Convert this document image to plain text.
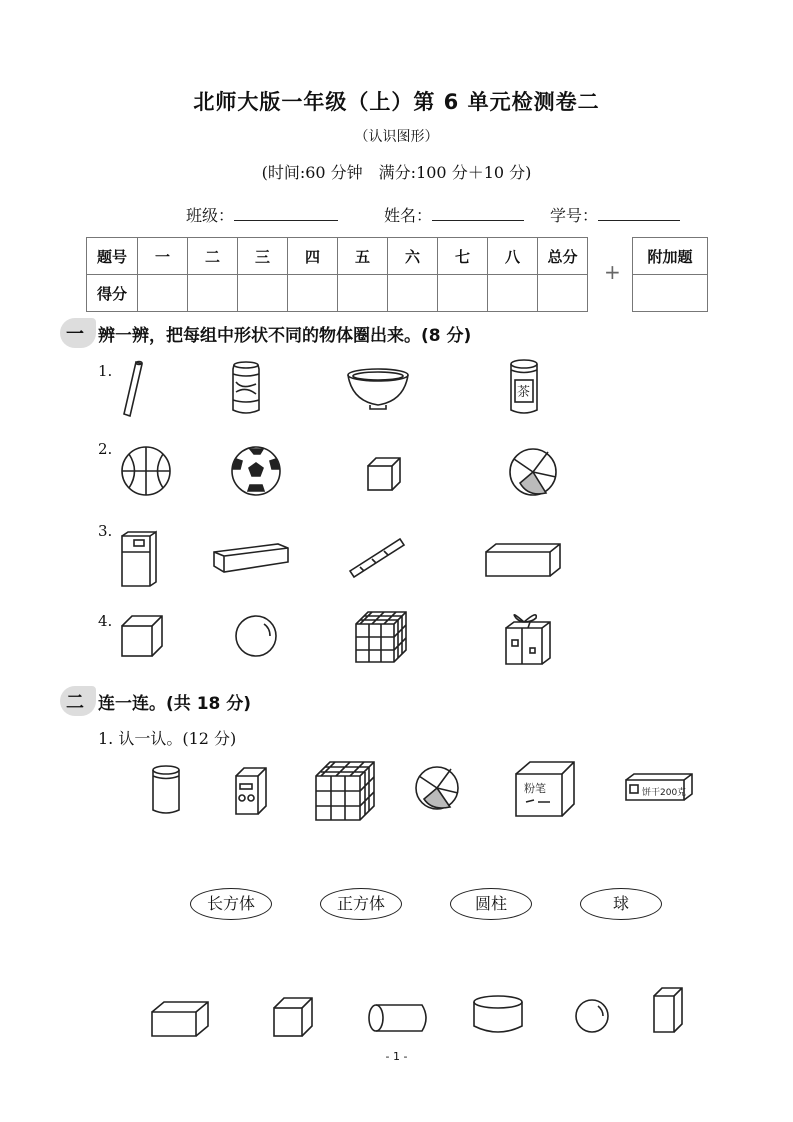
北师大版一年级（上）第 6 单元检测卷二
（认识图形）
(时间:60 分钟　满分:100 分＋10 分)
班级：	姓名：	学号：
题号	一	二	三	四	五	六	七	八	总分
得分									
+
附加题

一 辨一辨，把每组中形状不同的物体圈出来。(8 分)
1.
2.
3.
4.
茶
二 连一连。(共 18 分)
1. 认一认。(12 分)
粉笔	饼干200克
长方体	正方体	圆柱	球
- 1 -
